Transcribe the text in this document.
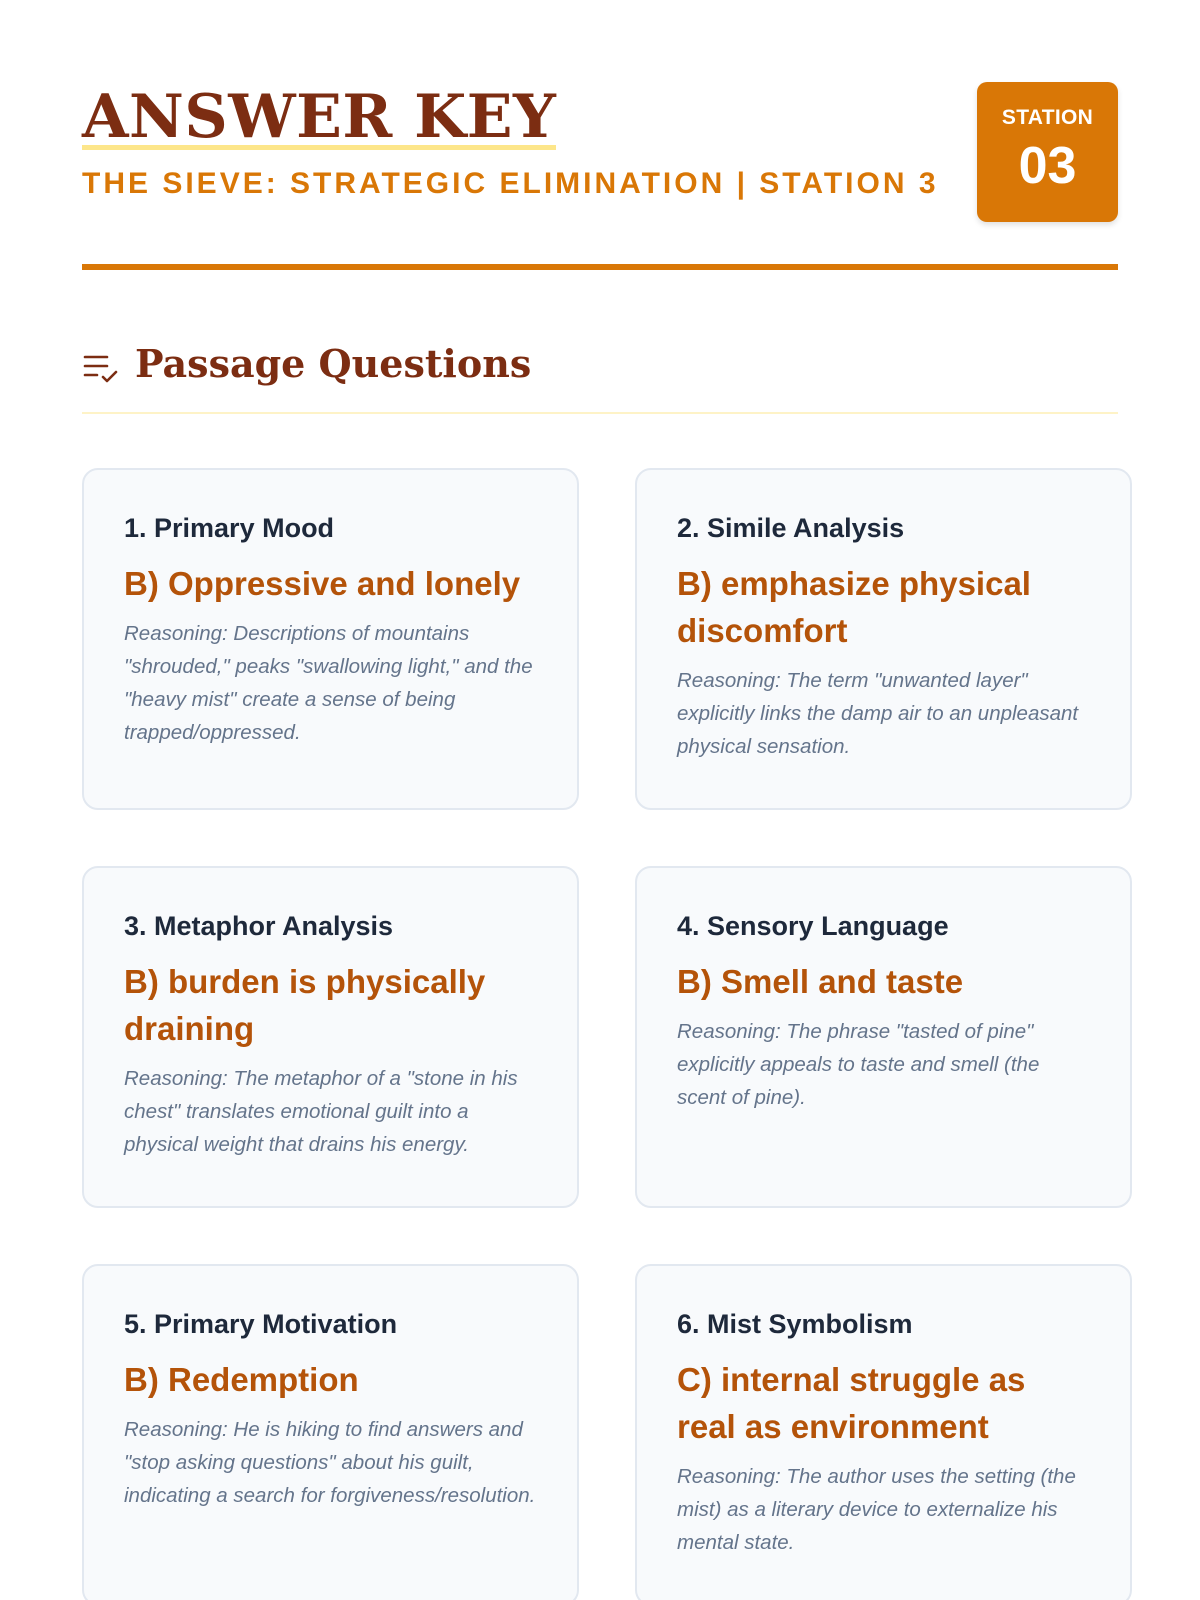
ANSWER KEY
THE SIEVE: STRATEGIC ELIMINATION | STATION 3
STATION
03
Passage Questions
1. Primary Mood
B) Oppressive and lonely
Reasoning: Descriptions of mountains "shrouded," peaks "swallowing light," and the "heavy mist" create a sense of being trapped/oppressed.
2. Simile Analysis
B) emphasize physical discomfort
Reasoning: The term "unwanted layer" explicitly links the damp air to an unpleasant physical sensation.
3. Metaphor Analysis
B) burden is physically draining
Reasoning: The metaphor of a "stone in his chest" translates emotional guilt into a physical weight that drains his energy.
4. Sensory Language
B) Smell and taste
Reasoning: The phrase "tasted of pine" explicitly appeals to taste and smell (the scent of pine).
5. Primary Motivation
B) Redemption
Reasoning: He is hiking to find answers and "stop asking questions" about his guilt, indicating a search for forgiveness/resolution.
6. Mist Symbolism
C) internal struggle as real as environment
Reasoning: The author uses the setting (the mist) as a literary device to externalize his mental state.
